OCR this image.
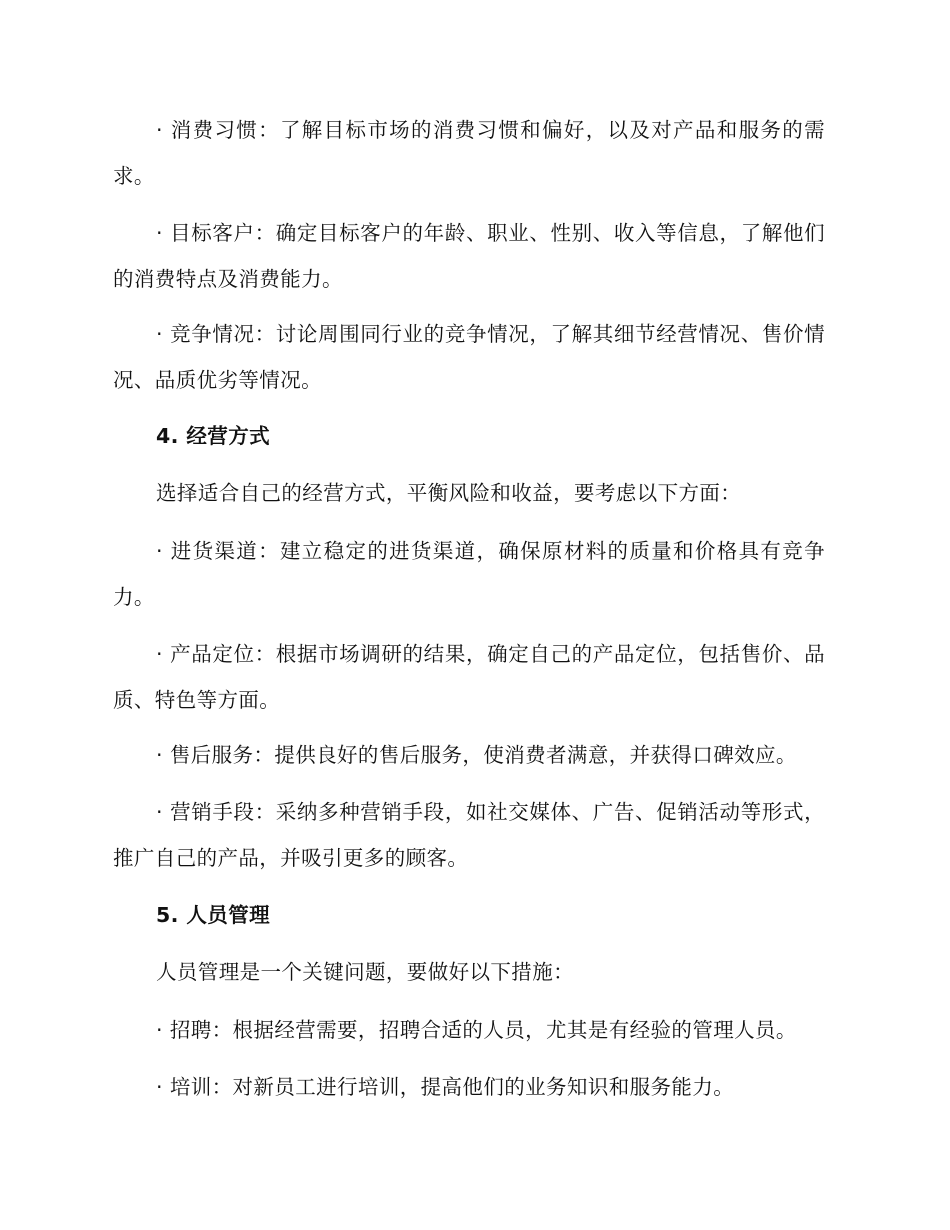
· 消费习惯：了解目标市场的消费习惯和偏好，以及对产品和服务的需求。

· 目标客户：确定目标客户的年龄、职业、性别、收入等信息，了解他们的消费特点及消费能力。

· 竞争情况：讨论周围同行业的竞争情况，了解其细节经营情况、售价情况、品质优劣等情况。

4. 经营方式

选择适合自己的经营方式，平衡风险和收益，要考虑以下方面：

· 进货渠道：建立稳定的进货渠道，确保原材料的质量和价格具有竞争力。

· 产品定位：根据市场调研的结果，确定自己的产品定位，包括售价、品质、特色等方面。

· 售后服务：提供良好的售后服务，使消费者满意，并获得口碑效应。

· 营销手段：采纳多种营销手段，如社交媒体、广告、促销活动等形式，推广自己的产品，并吸引更多的顾客。

5. 人员管理

人员管理是一个关键问题，要做好以下措施：

· 招聘：根据经营需要，招聘合适的人员，尤其是有经验的管理人员。

· 培训：对新员工进行培训，提高他们的业务知识和服务能力。
